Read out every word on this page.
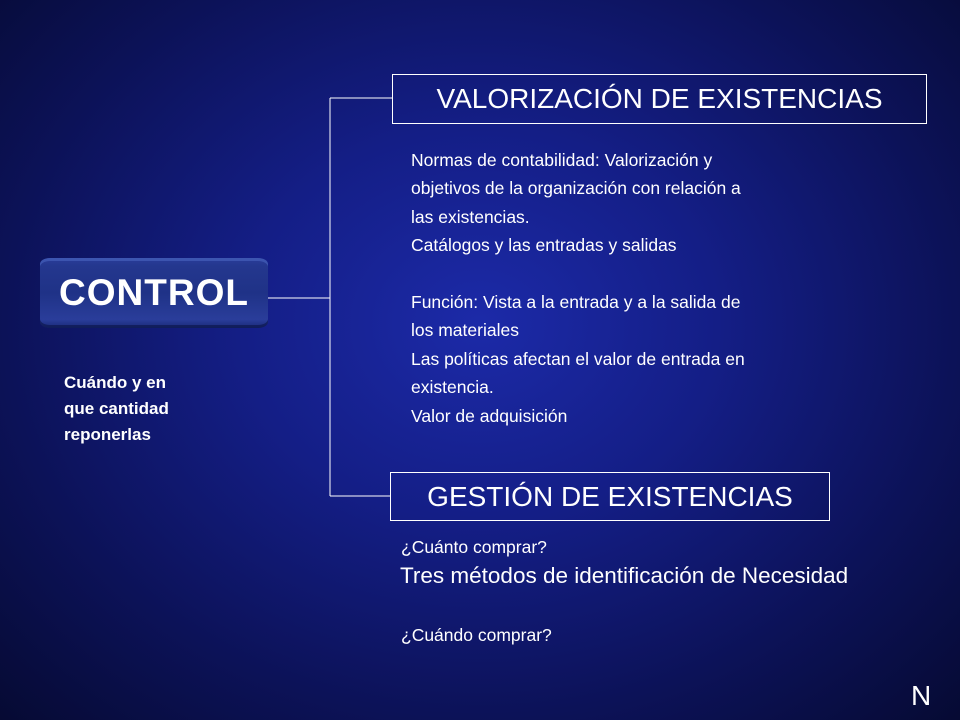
CONTROL
Cuándo y en
que cantidad
reponerlas
VALORIZACIÓN DE EXISTENCIAS
Normas de contabilidad: Valorización y
objetivos de la organización con relación a
las existencias.
Catálogos y las entradas y salidas
Función: Vista a la entrada y a la salida de
los materiales
Las políticas afectan el valor de entrada en
existencia.
Valor de adquisición
GESTIÓN DE EXISTENCIAS
¿Cuánto comprar?
Tres métodos de identificación de Necesidad
¿Cuándo comprar?
N
